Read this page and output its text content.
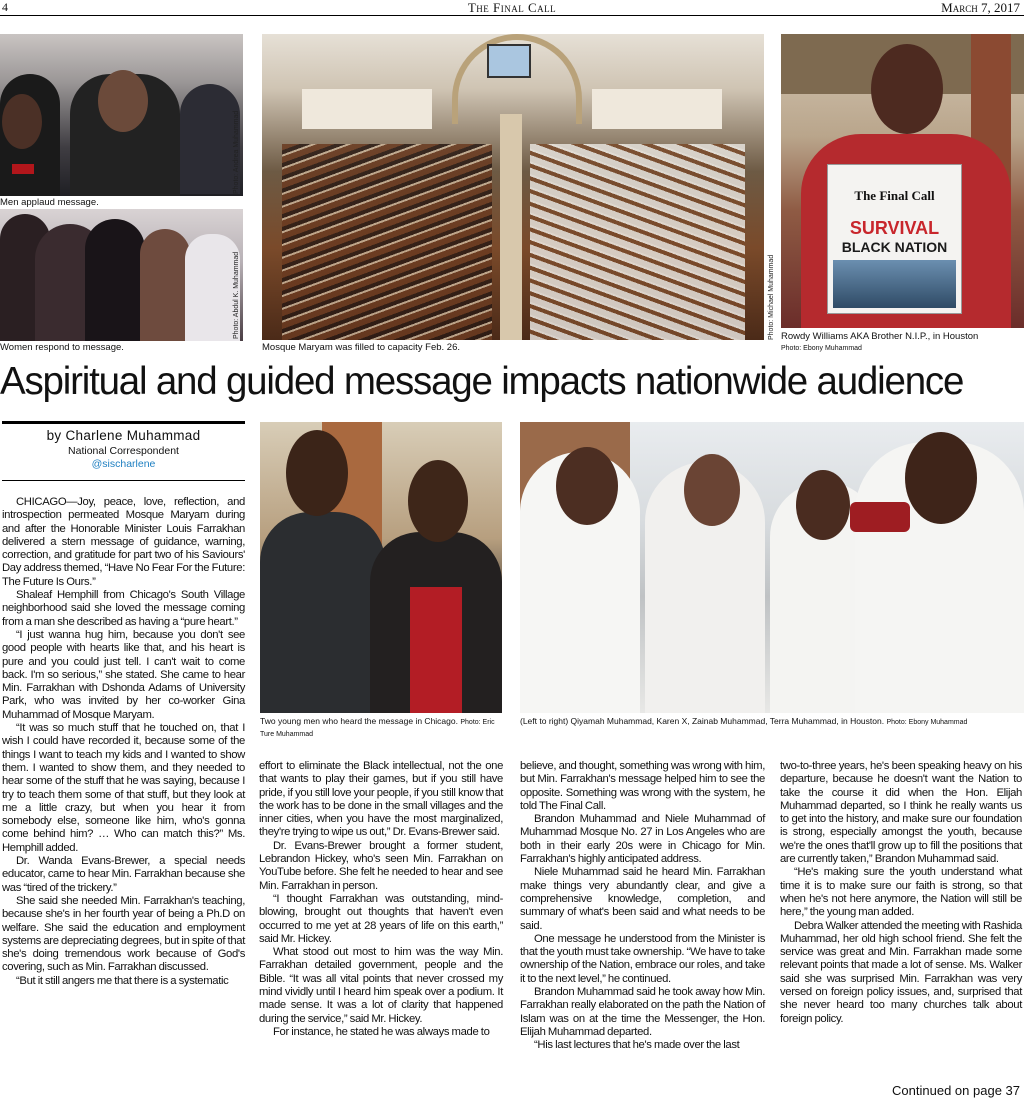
4	The Final Call	March 7, 2017
Photo: Andrea Muhammad
Men applaud message.
Photo: Abdul K. Muhammad
Women respond to message.	Mosque Maryam was filled to capacity Feb. 26.
The Final Call
SURVIVAL
BLACK NATION
Photo: Michael Muhammad Rowdy Williams AKA Brother N.I.P., in Houston
Photo: Ebony Muhammad
Aspiritual and guided message impacts nationwide audience
by Charlene Muhammad
National Correspondent
@sischarlene
Two young men who heard the message in Chicago. Photo: Eric Ture Muhammad
(Left to right) Qiyamah Muhammad, Karen X, Zainab Muhammad, Terra Muhammad, in Houston. Photo: Ebony Muhammad

CHICAGO—Joy, peace, love, reflection, and introspection permeated Mosque Maryam during and after the Honorable Minister Louis Farrakhan delivered a stern message of guidance, warning, correction, and gratitude for part two of his Saviours' Day address themed, “Have No Fear For the Future: The Future Is Ours.”

Shaleaf Hemphill from Chicago's South Village neighborhood said she loved the message coming from a man she described as having a “pure heart.”

“I just wanna hug him, because you don't see good people with hearts like that, and his heart is pure and you could just tell. I can't wait to come back. I'm so serious,” she stated. She came to hear Min. Farrakhan with Dshonda Adams of University Park, who was invited by her co-worker Gina Muhammad of Mosque Maryam.

“It was so much stuff that he touched on, that I wish I could have recorded it, because some of the things I want to teach my kids and I wanted to show them. I wanted to show them, and they needed to hear some of the stuff that he was saying, because I try to teach them some of that stuff, but they look at me a little crazy, but when you hear it from somebody else, someone like him, who's gonna come behind him? … Who can match this?” Ms. Hemphill added.

Dr. Wanda Evans-Brewer, a special needs educator, came to hear Min. Farrakhan because she was “tired of the trickery.”

She said she needed Min. Farrakhan's teaching, because she's in her fourth year of being a Ph.D on welfare. She said the education and employment systems are depreciating degrees, but in spite of that she's doing tremendous work because of God's covering, such as Min. Farrakhan discussed.

“But it still angers me that there is a systematic

effort to eliminate the Black intellectual, not the one that wants to play their games, but if you still have pride, if you still love your people, if you still know that the work has to be done in the small villages and the inner cities, when you have the most marginalized, they're trying to wipe us out,” Dr. Evans-Brewer said.

Dr. Evans-Brewer brought a former student, Lebrandon Hickey, who's seen Min. Farrakhan on YouTube before. She felt he needed to hear and see Min. Farrakhan in person.

“I thought Farrakhan was outstanding, mind-blowing, brought out thoughts that haven't even occurred to me yet at 28 years of life on this earth,” said Mr. Hickey.

What stood out most to him was the way Min. Farrakhan detailed government, people and the Bible. “It was all vital points that never crossed my mind vividly until I heard him speak over a podium. It made sense. It was a lot of clarity that happened during the service,” said Mr. Hickey.

For instance, he stated he was always made to

believe, and thought, something was wrong with him, but Min. Farrakhan's message helped him to see the opposite. Something was wrong with the system, he told The Final Call.

Brandon Muhammad and Niele Muhammad of Muhammad Mosque No. 27 in Los Angeles who are both in their early 20s were in Chicago for Min. Farrakhan's highly anticipated address.

Niele Muhammad said he heard Min. Farrakhan make things very abundantly clear, and give a comprehensive knowledge, completion, and summary of what's been said and what needs to be said.

One message he understood from the Minister is that the youth must take ownership. “We have to take ownership of the Nation, embrace our roles, and take it to the next level,” he continued.

Brandon Muhammad said he took away how Min. Farrakhan really elaborated on the path the Nation of Islam was on at the time the Messenger, the Hon. Elijah Muhammad departed.

“His last lectures that he's made over the last

two-to-three years, he's been speaking heavy on his departure, because he doesn't want the Nation to take the course it did when the Hon. Elijah Muhammad departed, so I think he really wants us to get into the history, and make sure our foundation is strong, especially amongst the youth, because we're the ones that'll grow up to fill the positions that are currently taken,” Brandon Muhammad said.

“He's making sure the youth understand what time it is to make sure our faith is strong, so that when he's not here anymore, the Nation will still be here,” the young man added.

Debra Walker attended the meeting with Rashida Muhammad, her old high school friend. She felt the service was great and Min. Farrakhan made some relevant points that made a lot of sense. Ms. Walker said she was surprised Min. Farrakhan was very versed on foreign policy issues, and, surprised that she never heard too many churches talk about foreign policy.

Continued on page 37
